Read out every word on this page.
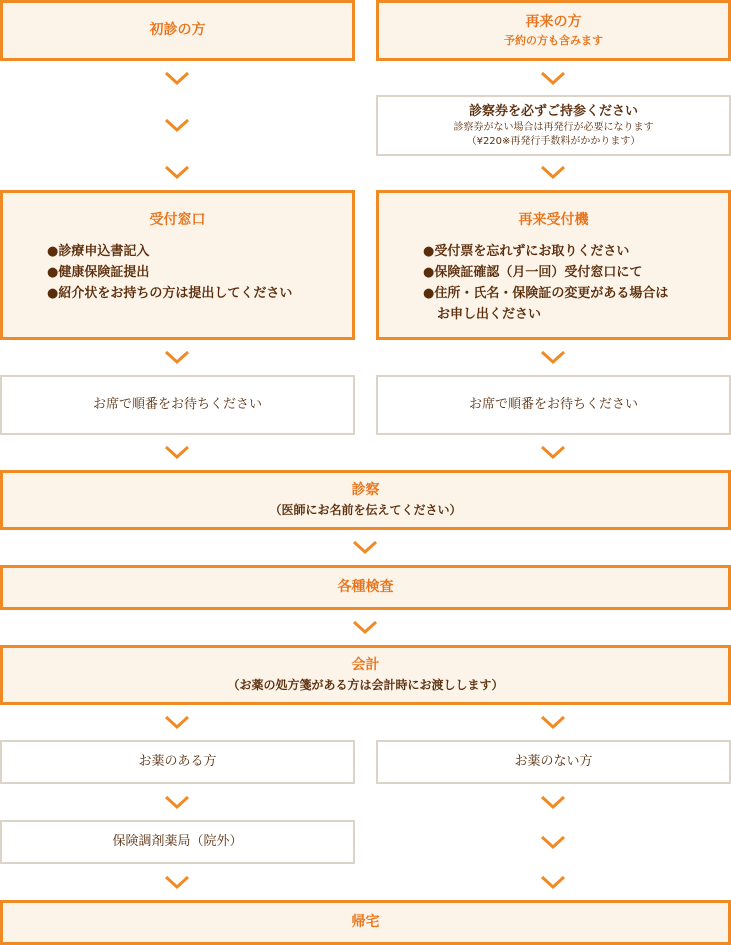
初診の方	再来の方
予約の方も含みます
診察券を必ずご持参ください
診察券がない場合は再発行が必要になります
（¥220※再発行手数料がかかります）
受付窓口
●診療申込書記入
●健康保険証提出
●紹介状をお持ちの方は提出してください
再来受付機
●受付票を忘れずにお取りください
●保険証確認（月一回）受付窓口にて
●住所・氏名・保険証の変更がある場合は
お申し出ください
お席で順番をお待ちください	お席で順番をお待ちください
診察
（医師にお名前を伝えてください）
各種検査
会計
（お薬の処方箋がある方は会計時にお渡しします）
お薬のある方	お薬のない方
保険調剤薬局（院外）
帰宅
